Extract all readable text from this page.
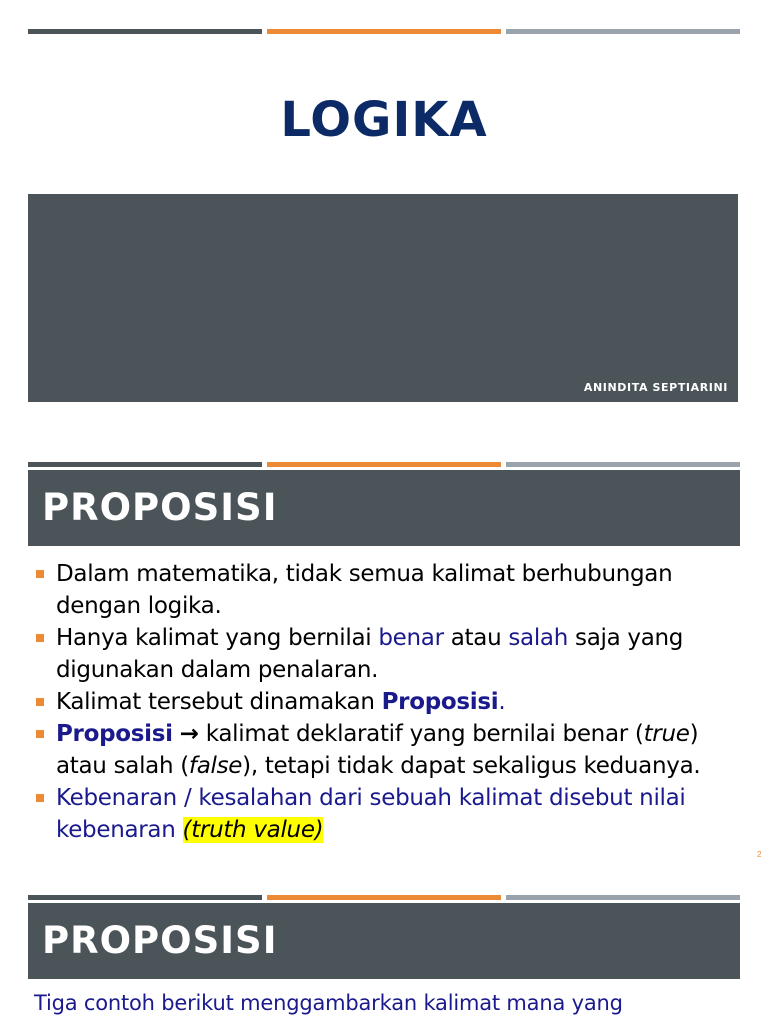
LOGIKA
ANINDITA SEPTIARINI
PROPOSISI
Dalam matematika, tidak semua kalimat berhubungan dengan logika.
Hanya kalimat yang bernilai benar atau salah saja yang digunakan dalam penalaran.
Kalimat tersebut dinamakan Proposisi.
Proposisi → kalimat deklaratif yang bernilai benar (true) atau salah (false), tetapi tidak dapat sekaligus keduanya.
Kebenaran / kesalahan dari sebuah kalimat disebut nilai kebenaran (truth value)
2
PROPOSISI
Tiga contoh berikut menggambarkan kalimat mana yang
